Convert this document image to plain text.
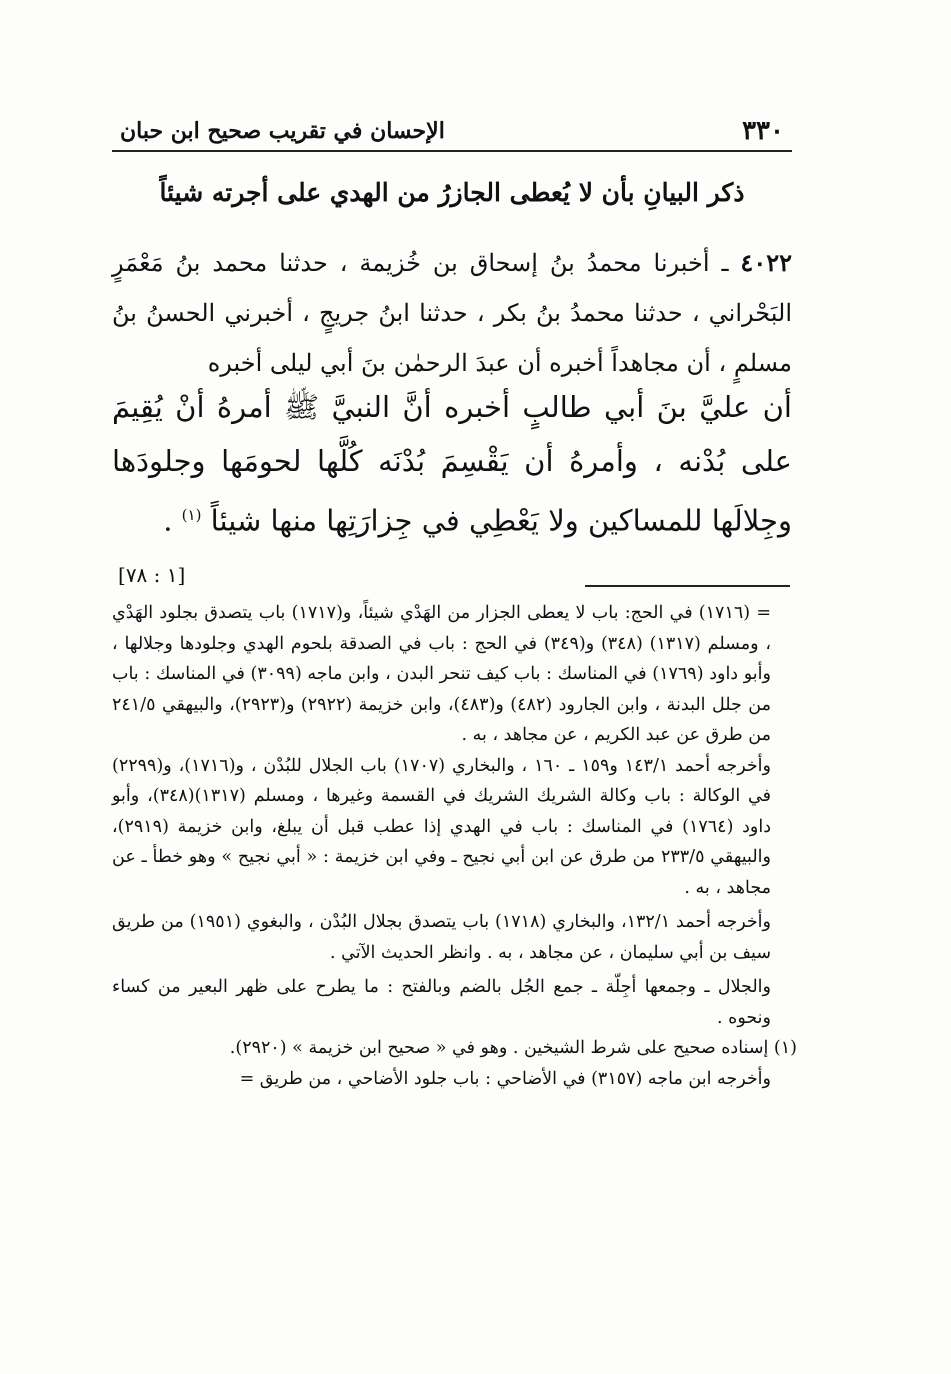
٣٣٠
الإحسان في تقريب صحيح ابن حبان
ذكر البيانِ بأن لا يُعطى الجازرُ من الهدي على أجرته شيئاً
٤٠٢٢ ـ أخبرنا محمدُ بنُ إسحاق بن خُزيمة ، حدثنا محمد بنُ مَعْمَرٍ البَحْراني ، حدثنا محمدُ بنُ بكر ، حدثنا ابنُ جريجٍ ، أخبرني الحسنُ بنُ مسلمٍ ، أن مجاهداً أخبره أن عبدَ الرحمٰن بنَ أبي ليلى أخبره
أن عليَّ بنَ أبي طالبٍ أخبره أنَّ النبيَّ ﷺ أمرهُ أنْ يُقِيمَ على بُدْنه ، وأمرهُ أن يَقْسِمَ بُدْنَه كُلَّها لحومَها وجلودَها وجِلالَها للمساكين ولا يَعْطِي في جِزارَتِها منها شيئاً $^{(١)}$ .
[١ : ٧٨]

= (١٧١٦) في الحج: باب لا يعطى الجزار من الهَدْي شيئاً، و(١٧١٧) باب يتصدق بجلود الهَدْي ، ومسلم (١٣١٧) (٣٤٨) و(٣٤٩) في الحج : باب في الصدقة بلحوم الهدي وجلودها وجلالها ، وأبو داود (١٧٦٩) في المناسك : باب كيف تنحر البدن ، وابن ماجه (٣٠٩٩) في المناسك : باب من جلل البدنة ، وابن الجارود (٤٨٢) و(٤٨٣)، وابن خزيمة (٢٩٢٢) و(٢٩٢٣)، والبيهقي ٢٤١/٥ من طرق عن عبد الكريم ، عن مجاهد ، به .

وأخرجه أحمد ١٤٣/١ و١٥٩ ـ ١٦٠ ، والبخاري (١٧٠٧) باب الجلال للبُدْن ، و(١٧١٦)، و(٢٢٩٩) في الوكالة : باب وكالة الشريك الشريك في القسمة وغيرها ، ومسلم (١٣١٧)(٣٤٨)، وأبو داود (١٧٦٤) في المناسك : باب في الهدي إذا عطب قبل أن يبلغ، وابن خزيمة (٢٩١٩)، والبيهقي ٢٣٣/٥ من طرق عن ابن أبي نجيح ـ وفي ابن خزيمة : « أبي نجيح » وهو خطأ ـ عن مجاهد ، به .

وأخرجه أحمد ١٣٢/١، والبخاري (١٧١٨) باب يتصدق بجلال البُدْن ، والبغوي (١٩٥١) من طريق سيف بن أبي سليمان ، عن مجاهد ، به . وانظر الحديث الآتي .

والجلال ـ وجمعها أجِلّة ـ جمع الجُل بالضم وبالفتح : ما يطرح على ظهر البعير من كساء ونحوه .

(١) إسناده صحيح على شرط الشيخين . وهو في « صحيح ابن خزيمة » (٢٩٢٠).

وأخرجه ابن ماجه (٣١٥٧) في الأضاحي : باب جلود الأضاحي ، من طريق =
